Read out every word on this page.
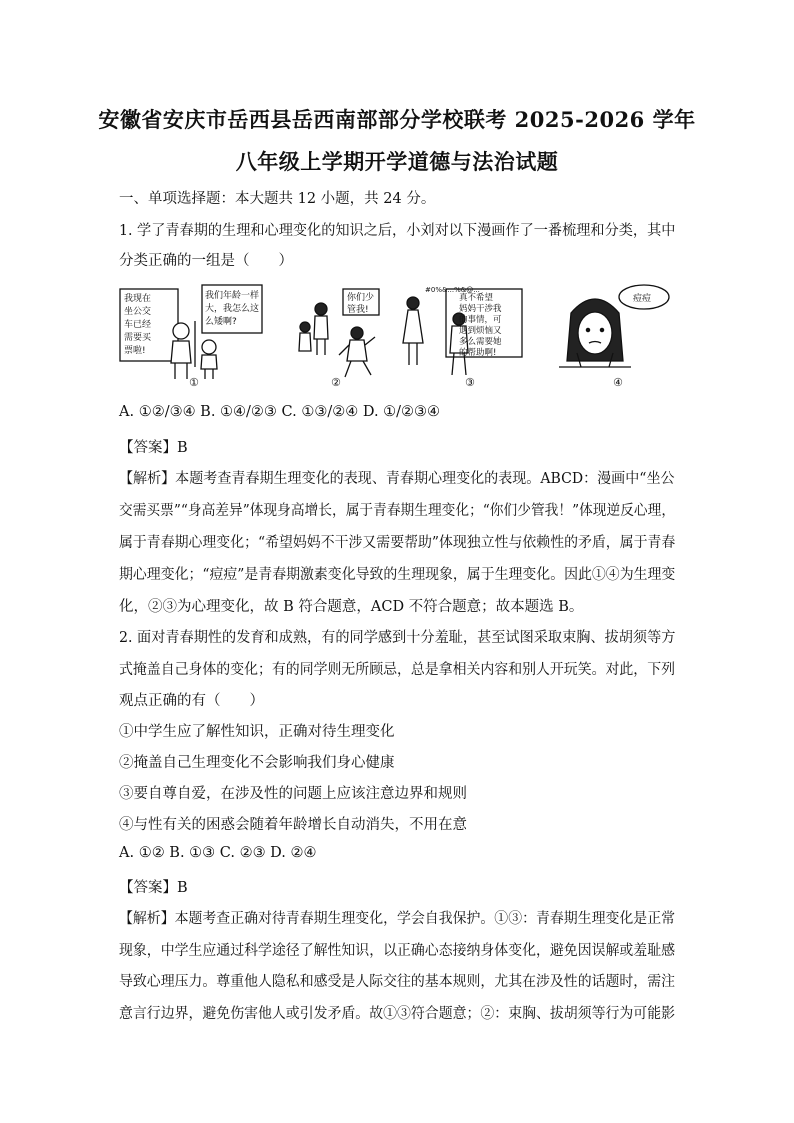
安徽省安庆市岳西县岳西南部部分学校联考 2025-2026 学年
八年级上学期开学道德与法治试题
一、单项选择题：本大题共 12 小题，共 24 分。
1. 学了青春期的生理和心理变化的知识之后，小刘对以下漫画作了一番梳理和分类，其中
分类正确的一组是（　　）
我现在
坐公交
车已经
需要买
票啦!
我们年龄一样
大，我怎么这
么矮啊?
你们少
管我!
#0%&...%&@...
真不希望
妈妈干涉我
的事情，可
遇到烦恼又
多么需要她
的帮助啊!
痘痘
①	②	③	④
A. ①②/③④ B. ①④/②③ C. ①③/②④ D. ①/②③④
【答案】B
【解析】本题考查青春期生理变化的表现、青春期心理变化的表现。ABCD：漫画中“坐公
交需买票”“身高差异”体现身高增长，属于青春期生理变化；“你们少管我！”体现逆反心理，
属于青春期心理变化；“希望妈妈不干涉又需要帮助”体现独立性与依赖性的矛盾，属于青春
期心理变化；“痘痘”是青春期激素变化导致的生理现象，属于生理变化。因此①④为生理变
化，②③为心理变化，故 B 符合题意，ACD 不符合题意；故本题选 B。
2. 面对青春期性的发育和成熟，有的同学感到十分羞耻，甚至试图采取束胸、拔胡须等方
式掩盖自己身体的变化；有的同学则无所顾忌，总是拿相关内容和别人开玩笑。对此，下列
观点正确的有（　　）
①中学生应了解性知识，正确对待生理变化
②掩盖自己生理变化不会影响我们身心健康
③要自尊自爱，在涉及性的问题上应该注意边界和规则
④与性有关的困惑会随着年龄增长自动消失，不用在意
A. ①② B. ①③ C. ②③ D. ②④
【答案】B
【解析】本题考查正确对待青春期生理变化，学会自我保护。①③：青春期生理变化是正常
现象，中学生应通过科学途径了解性知识，以正确心态接纳身体变化，避免因误解或羞耻感
导致心理压力。尊重他人隐私和感受是人际交往的基本规则，尤其在涉及性的话题时，需注
意言行边界，避免伤害他人或引发矛盾。故①③符合题意；②：束胸、拔胡须等行为可能影
